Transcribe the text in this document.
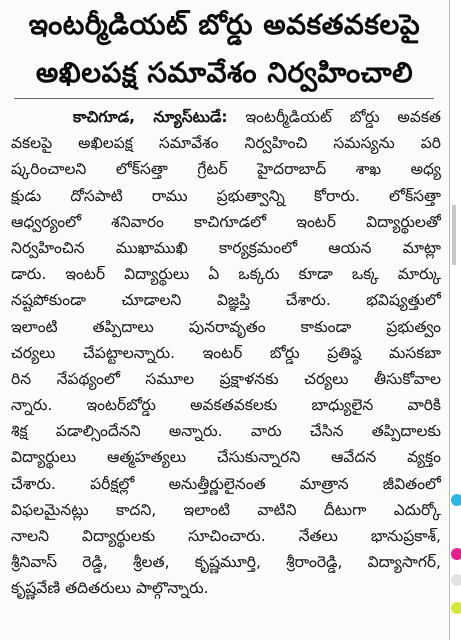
ఇంటర్మీడియట్ బోర్డు అవకతవకలపై
అఖిలపక్ష సమావేశం నిర్వహించాలి
కాచిగూడ, న్యూస్‌టుడే: ఇంటర్మీడియట్ బోర్డు అవకత
వకలపై అఖిలపక్ష సమావేశం నిర్వహించి సమస్యను పరి
ష్కరించాలని లోక్‌సత్తా గ్రేటర్ హైదరాబాద్ శాఖ అధ్య
క్షుడు దోసపాటి రాము ప్రభుత్వాన్ని కోరారు. లోక్‌సత్తా
ఆధ్వర్యంలో శనివారం కాచిగూడలో ఇంటర్ విద్యార్థులతో
నిర్వహించిన ముఖాముఖి కార్యక్రమంలో ఆయన మాట్లా
డారు. ఇంటర్ విద్యార్థులు ఏ ఒక్కరు కూడా ఒక్క మార్కు
నష్టపోకుండా చూడాలని విజ్ఞప్తి చేశారు. భవిష్యత్తులో
ఇలాంటి తప్పిదాలు పునరావృతం కాకుండా ప్రభుత్వం
చర్యలు చేపట్టాలన్నారు. ఇంటర్ బోర్డు ప్రతిష్ఠ మసకబా
రిన నేపథ్యంలో సమూల ప్రక్షాళనకు చర్యలు తీసుకోవాల
న్నారు. ఇంటర్‌బోర్డు అవకతవకలకు బాధ్యులైన వారికి
శిక్ష పడాల్సిందేనని అన్నారు. వారు చేసిన తప్పిదాలకు
విద్యార్థులు ఆత్మహత్యలు చేసుకున్నారని ఆవేదన వ్యక్తం
చేశారు. పరీక్షల్లో అనుత్తీర్ణులైనంత మాత్రాన జీవితంలో
విఫలమైనట్లు కాదని, ఇలాంటి వాటిని దీటుగా ఎదుర్కో
నాలని విద్యార్థులకు సూచించారు. నేతలు భానుప్రకాశ్,
శ్రీనివాస్ రెడ్డి, శ్రీలత, కృష్ణమూర్తి, శ్రీరాంరెడ్డి, విద్యాసాగర్,
కృష్ణవేణి తదితరులు పాల్గొన్నారు.
